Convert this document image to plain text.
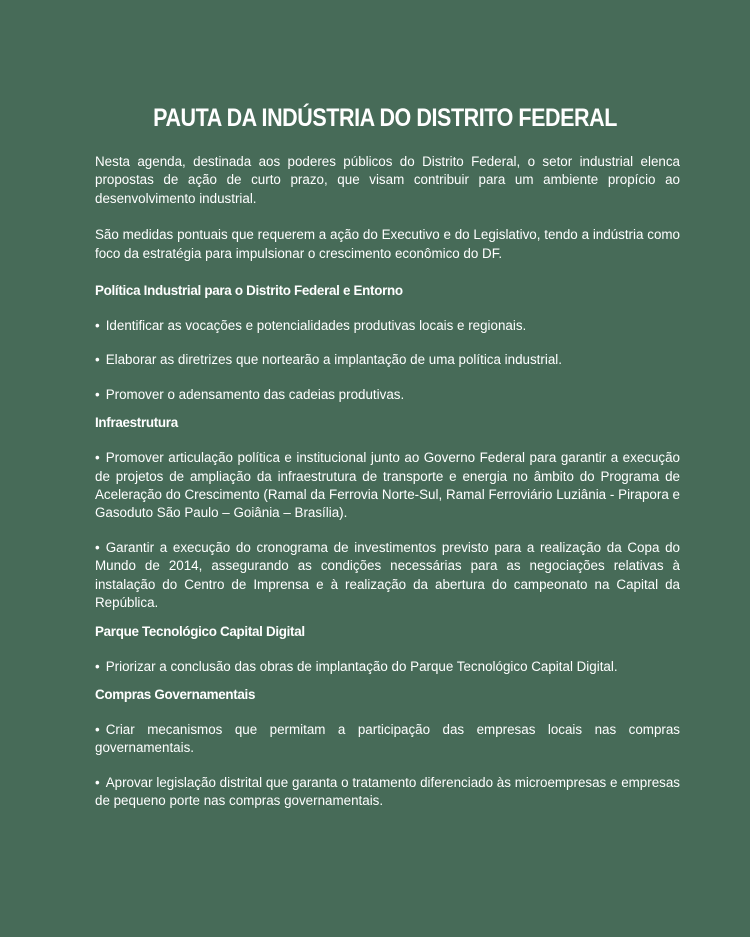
PAUTA DA INDÚSTRIA DO DISTRITO FEDERAL

Nesta agenda, destinada aos poderes públicos do Distrito Federal, o setor industrial elenca propostas de ação de curto prazo, que visam contribuir para um ambiente propício ao desenvolvimento industrial.

São medidas pontuais que requerem a ação do Executivo e do Legislativo, tendo a indústria como foco da estratégia para impulsionar o crescimento econômico do DF.

Política Industrial para o Distrito Federal e Entorno

• Identificar as vocações e potencialidades produtivas locais e regionais.

• Elaborar as diretrizes que nortearão a implantação de uma política industrial.

• Promover o adensamento das cadeias produtivas.

Infraestrutura

• Promover articulação política e institucional junto ao Governo Federal para garantir a execução de projetos de ampliação da infraestrutura de transporte e energia no âmbito do Programa de Aceleração do Crescimento (Ramal da Ferrovia Norte-Sul, Ramal Ferroviário Luziânia - Pirapora e Gasoduto São Paulo – Goiânia – Brasília).

• Garantir a execução do cronograma de investimentos previsto para a realização da Copa do Mundo de 2014, assegurando as condições necessárias para as negociações relativas à instalação do Centro de Imprensa e à realização da abertura do campeonato na Capital da República.

Parque Tecnológico Capital Digital

• Priorizar a conclusão das obras de implantação do Parque Tecnológico Capital Digital.

Compras Governamentais

• Criar mecanismos que permitam a participação das empresas locais nas compras governamentais.

• Aprovar legislação distrital que garanta o tratamento diferenciado às microempresas e empresas de pequeno porte nas compras governamentais.
